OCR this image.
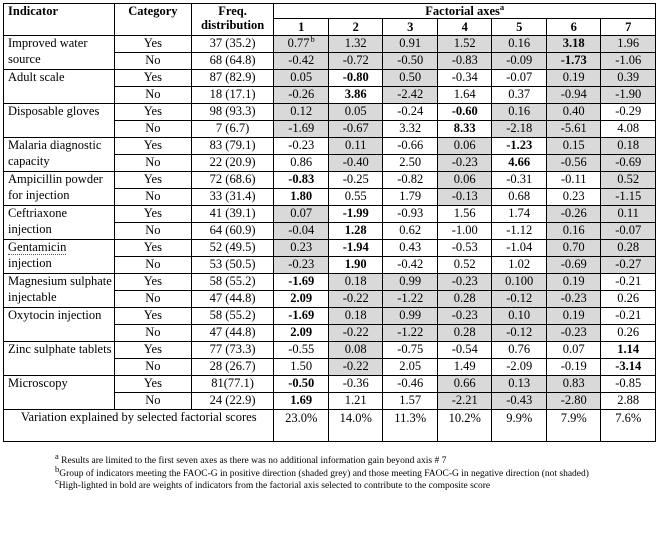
Indicator	Category	Freq. distribution	Factorial axes$^a$
			1	2	3	4	5	6	7
Improved water source	Yes	37 (35.2)	0.77$^b$	1.32	0.91	1.52	0.16	3.18	1.96
	No	68 (64.8)	-0.42	-0.72	-0.50	-0.83	-0.09	-1.73	-1.06
Adult scale	Yes	87 (82.9)	0.05	-0.80	0.50	-0.34	-0.07	0.19	0.39
	No	18 (17.1)	-0.26	3.86	-2.42	1.64	0.37	-0.94	-1.90
Disposable gloves	Yes	98 (93.3)	0.12	0.05	-0.24	-0.60	0.16	0.40	-0.29
	No	7 (6.7)	-1.69	-0.67	3.32	8.33	-2.18	-5.61	4.08
Malaria diagnostic capacity	Yes	83 (79.1)	-0.23	0.11	-0.66	0.06	-1.23	0.15	0.18
	No	22 (20.9)	0.86	-0.40	2.50	-0.23	4.66	-0.56	-0.69
Ampicillin powder for injection	Yes	72 (68.6)	-0.83	-0.25	-0.82	0.06	-0.31	-0.11	0.52
	No	33 (31.4)	1.80	0.55	1.79	-0.13	0.68	0.23	-1.15
Ceftriaxone injection	Yes	41 (39.1)	0.07	-1.99	-0.93	1.56	1.74	-0.26	0.11
	No	64 (60.9)	-0.04	1.28	0.62	-1.00	-1.12	0.16	-0.07
Gentamicin injection	Yes	52 (49.5)	0.23	-1.94	0.43	-0.53	-1.04	0.70	0.28
	No	53 (50.5)	-0.23	1.90	-0.42	0.52	1.02	-0.69	-0.27
Magnesium sulphate injectable	Yes	58 (55.2)	-1.69	0.18	0.99	-0.23	0.100	0.19	-0.21
	No	47 (44.8)	2.09	-0.22	-1.22	0.28	-0.12	-0.23	0.26
Oxytocin injection	Yes	58 (55.2)	-1.69	0.18	0.99	-0.23	0.10	0.19	-0.21
	No	47 (44.8)	2.09	-0.22	-1.22	0.28	-0.12	-0.23	0.26
Zinc sulphate tablets	Yes	77 (73.3)	-0.55	0.08	-0.75	-0.54	0.76	0.07	1.14
	No	28 (26.7)	1.50	-0.22	2.05	1.49	-2.09	-0.19	-3.14
Microscopy	Yes	81(77.1)	-0.50	-0.36	-0.46	0.66	0.13	0.83	-0.85
	No	24 (22.9)	1.69	1.21	1.57	-2.21	-0.43	-2.80	2.88
Variation explained by selected factorial scores			23.0%	14.0%	11.3%	10.2%	9.9%	7.9%	7.6%
$^a$ Results are limited to the first seven axes as there was no additional information gain beyond axis # 7
$^b$Group of indicators meeting the FAOC-G in positive direction (shaded grey) and those meeting FAOC-G in negative direction (not shaded)
$^c$High-lighted in bold are weights of indicators from the factorial axis selected to contribute to the composite score
